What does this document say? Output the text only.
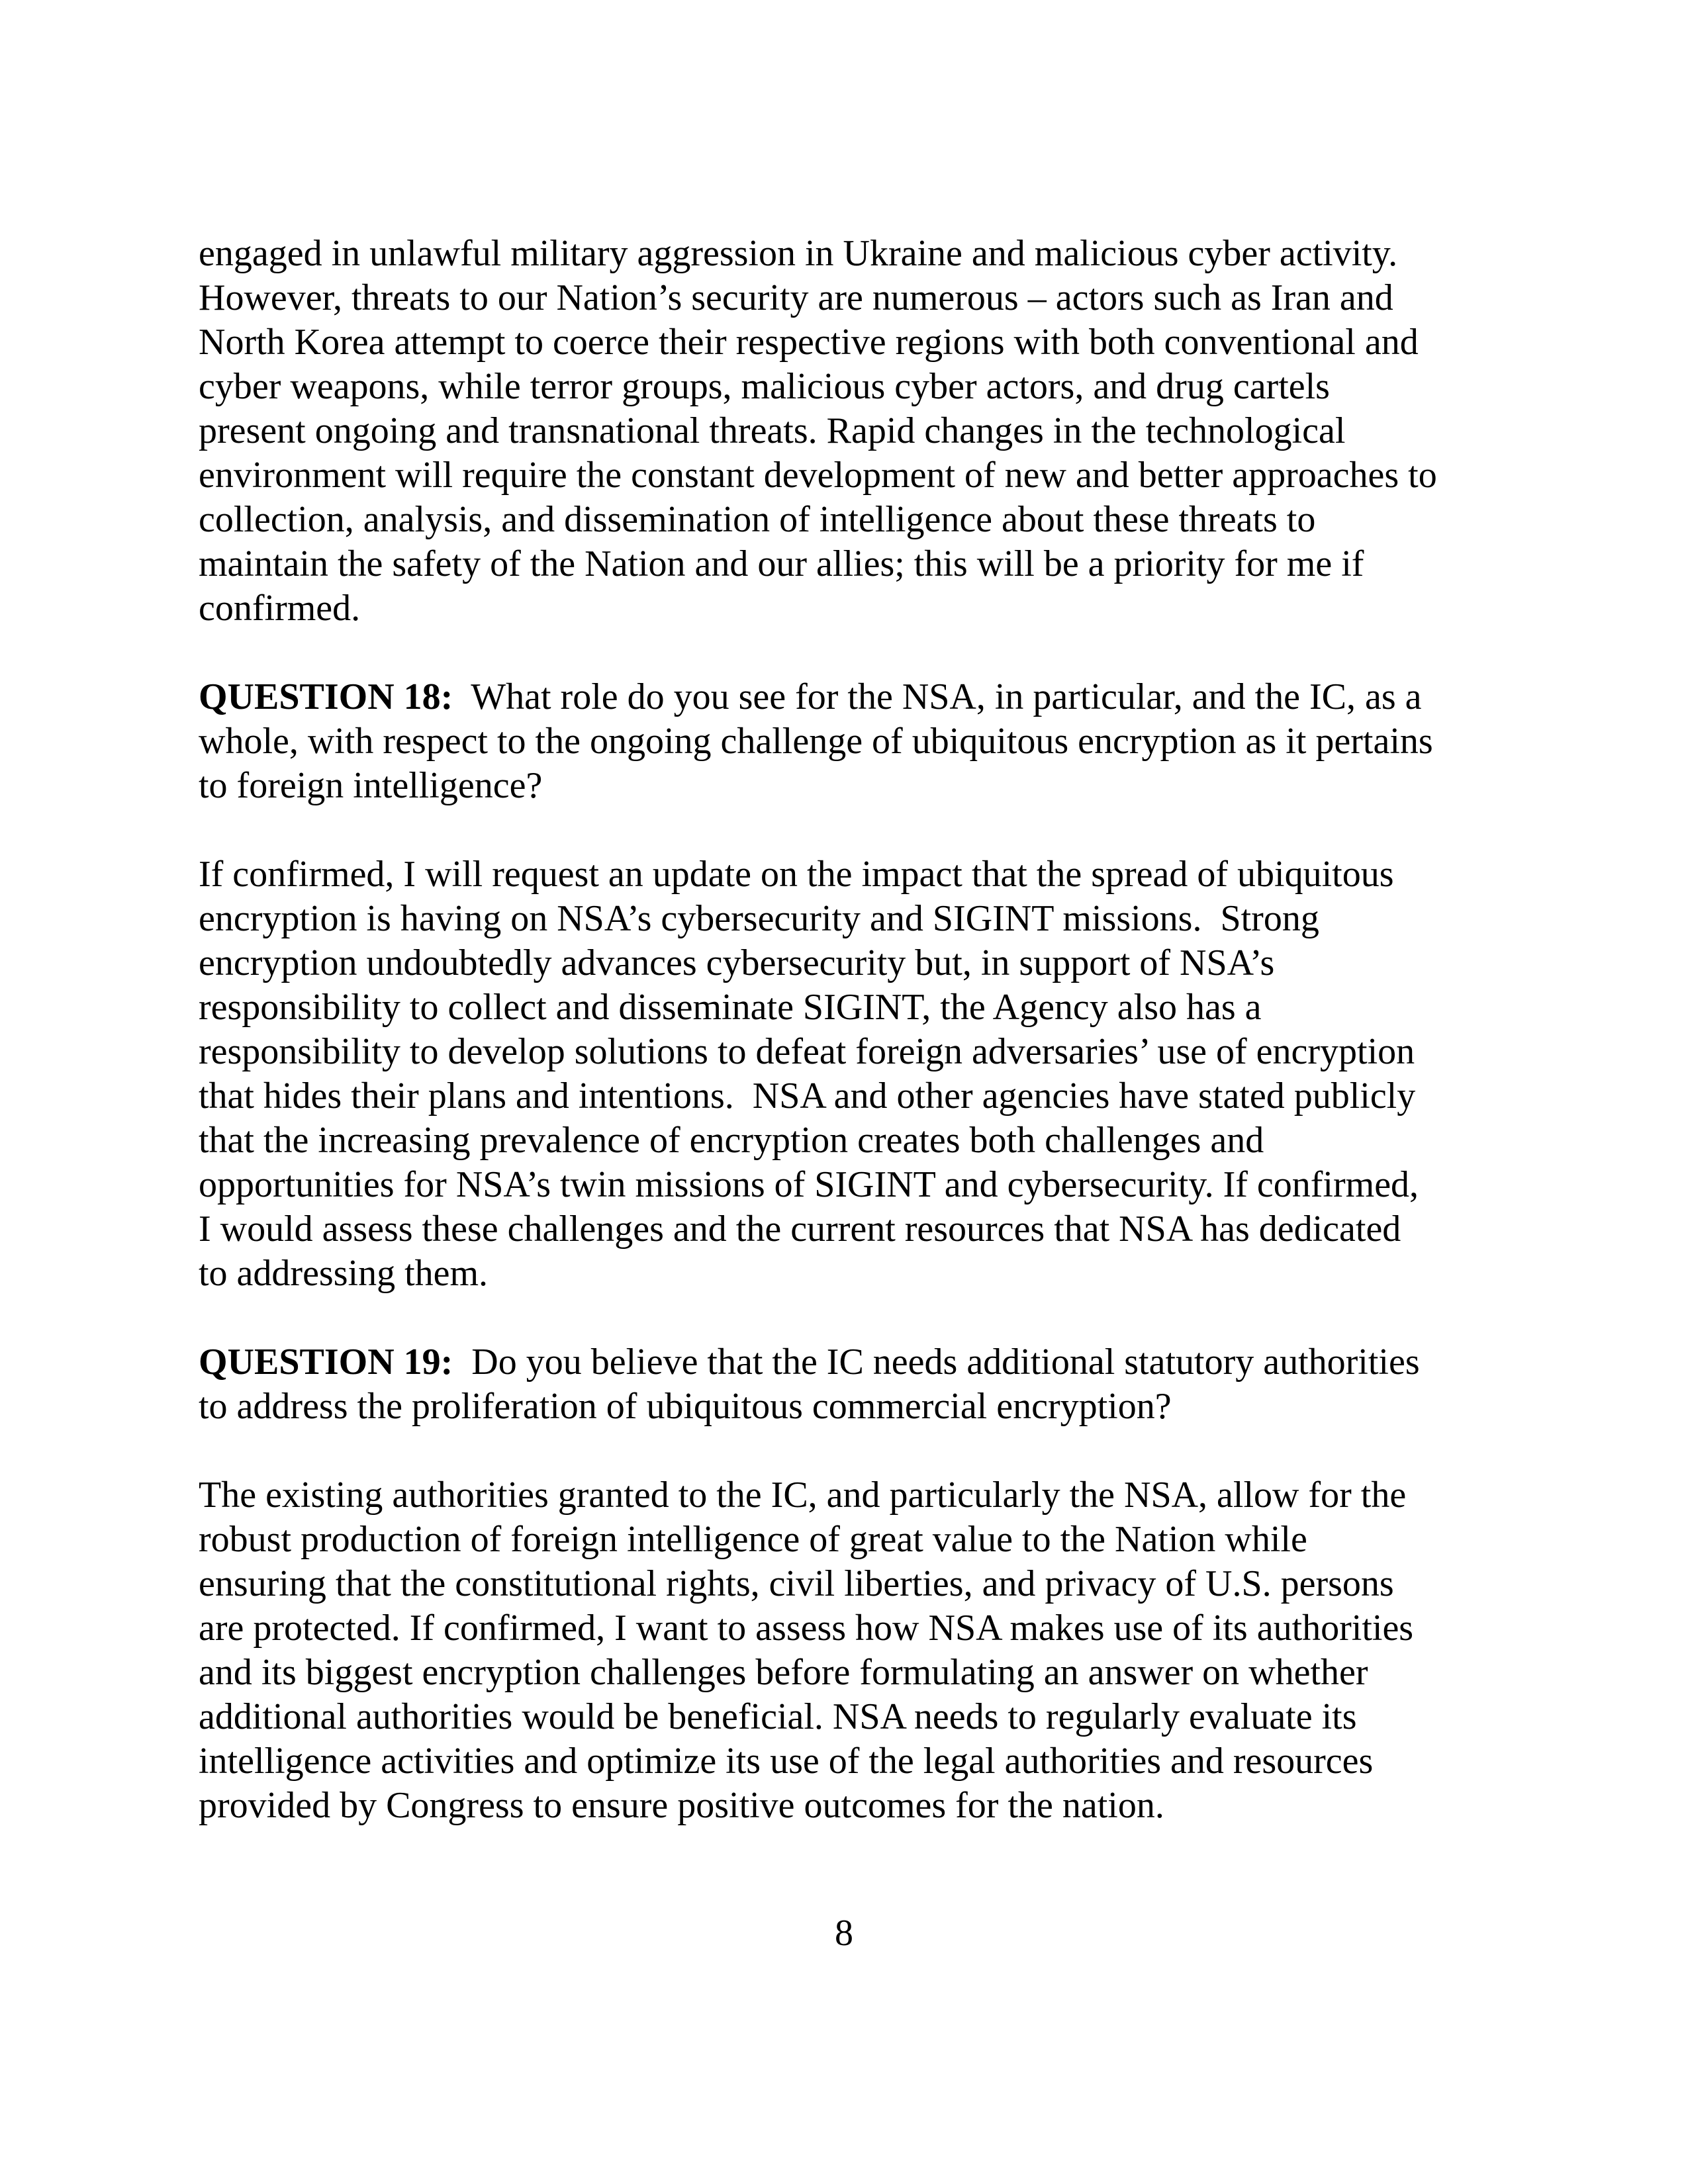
engaged in unlawful military aggression in Ukraine and malicious cyber activity.
However, threats to our Nation’s security are numerous – actors such as Iran and
North Korea attempt to coerce their respective regions with both conventional and
cyber weapons, while terror groups, malicious cyber actors, and drug cartels
present ongoing and transnational threats. Rapid changes in the technological
environment will require the constant development of new and better approaches to
collection, analysis, and dissemination of intelligence about these threats to
maintain the safety of the Nation and our allies; this will be a priority for me if
confirmed.

QUESTION 18:  What role do you see for the NSA, in particular, and the IC, as a
whole, with respect to the ongoing challenge of ubiquitous encryption as it pertains
to foreign intelligence?

If confirmed, I will request an update on the impact that the spread of ubiquitous
encryption is having on NSA’s cybersecurity and SIGINT missions.  Strong
encryption undoubtedly advances cybersecurity but, in support of NSA’s
responsibility to collect and disseminate SIGINT, the Agency also has a
responsibility to develop solutions to defeat foreign adversaries’ use of encryption
that hides their plans and intentions.  NSA and other agencies have stated publicly
that the increasing prevalence of encryption creates both challenges and
opportunities for NSA’s twin missions of SIGINT and cybersecurity. If confirmed,
I would assess these challenges and the current resources that NSA has dedicated
to addressing them.

QUESTION 19:  Do you believe that the IC needs additional statutory authorities
to address the proliferation of ubiquitous commercial encryption?

The existing authorities granted to the IC, and particularly the NSA, allow for the
robust production of foreign intelligence of great value to the Nation while
ensuring that the constitutional rights, civil liberties, and privacy of U.S. persons
are protected. If confirmed, I want to assess how NSA makes use of its authorities
and its biggest encryption challenges before formulating an answer on whether
additional authorities would be beneficial. NSA needs to regularly evaluate its
intelligence activities and optimize its use of the legal authorities and resources
provided by Congress to ensure positive outcomes for the nation.

8
